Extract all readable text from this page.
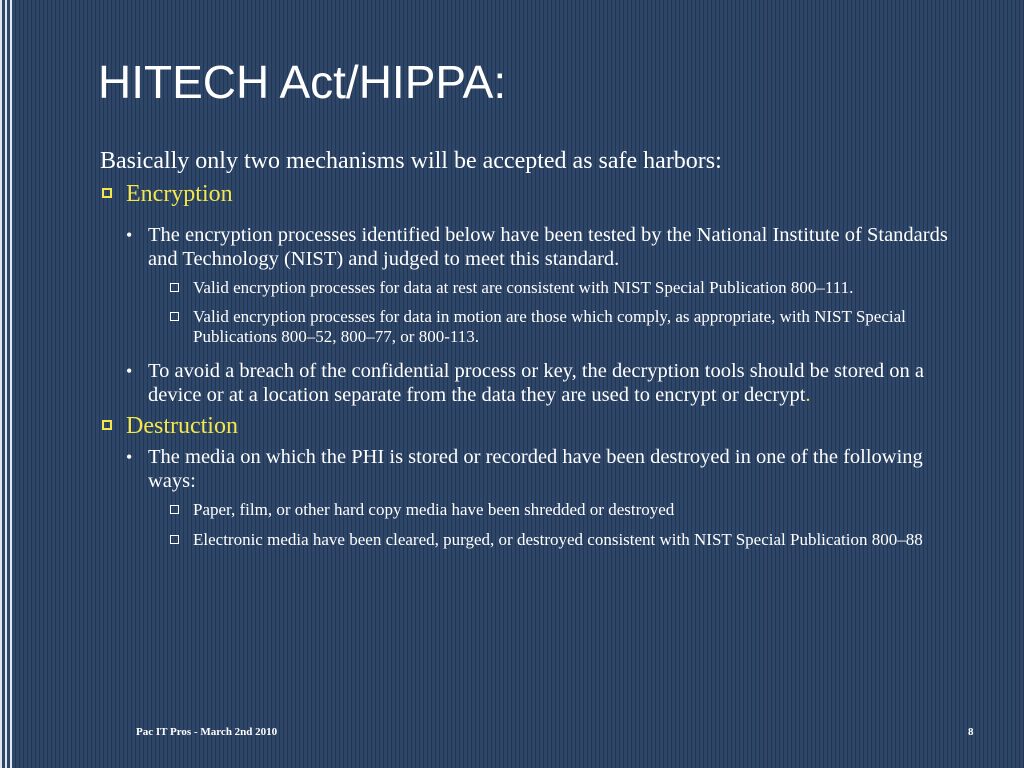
HITECH Act/HIPPA:

Basically only two mechanisms will be accepted as safe harbors:

Encryption
• The encryption processes identified below have been tested by the National Institute of Standards and Technology (NIST) and judged to meet this standard.
Valid encryption processes for data at rest are consistent with NIST Special Publication 800–111.
Valid encryption processes for data in motion are those which comply, as appropriate, with NIST Special Publications 800–52, 800–77, or 800-113.
• To avoid a breach of the confidential process or key, the decryption tools should be stored on a device or at a location separate from the data they are used to encrypt or decrypt.
Destruction
• The media on which the PHI is stored or recorded have been destroyed in one of the following ways:
Paper, film, or other hard copy media have been shredded or destroyed
Electronic media have been cleared, purged, or destroyed consistent with NIST Special Publication 800–88
Pac IT Pros - March 2nd 2010	8
